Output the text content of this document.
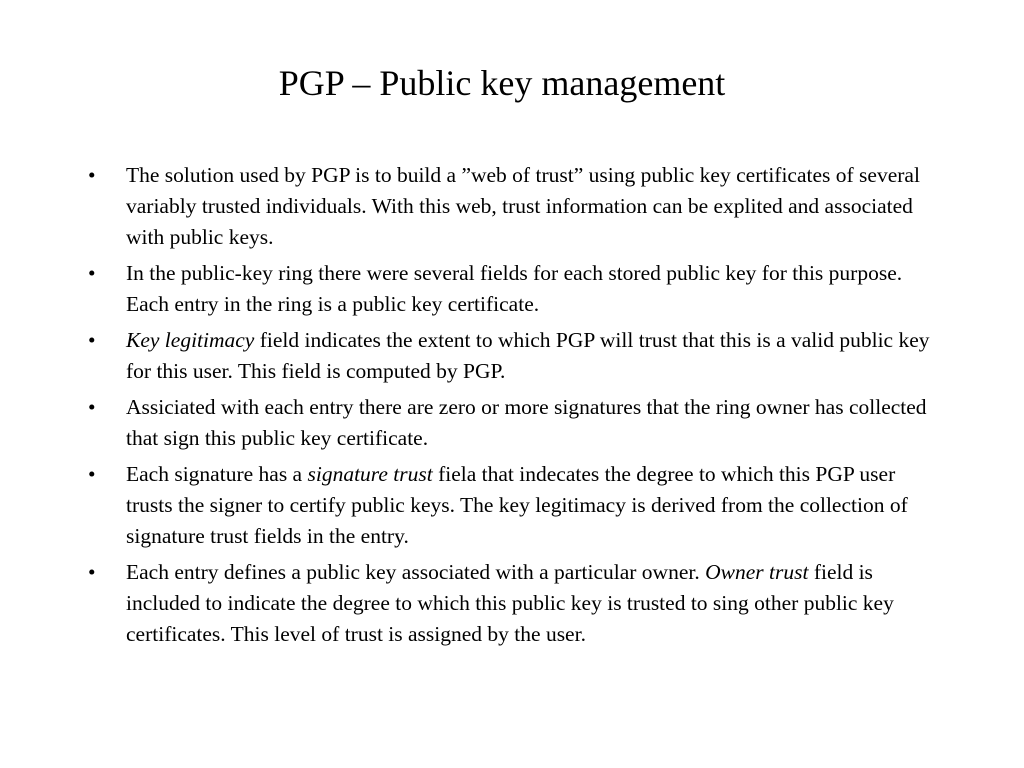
PGP – Public key management
• The solution used by PGP is to build a ”web of trust” using public key certificates of several variably trusted individuals. With this web, trust information can be explited and associated with public keys.
• In the public-key ring there were several fields for each stored public key for this purpose. Each entry in the ring is a public key certificate.
• Key legitimacy field indicates the extent to which PGP will trust that this is a valid public key for this user. This field is computed by PGP.
• Assiciated with each entry there are zero or more signatures that the ring owner has collected that sign this public key certificate.
• Each signature has a signature trust fiela that indecates the degree to which this PGP user trusts the signer to certify public keys. The key legitimacy is derived from the collection of signature trust fields in the entry.
• Each entry defines a public key associated with a particular owner. Owner trust field is included to indicate the degree to which this public key is trusted to sing other public key certificates. This level of trust is assigned by the user.
